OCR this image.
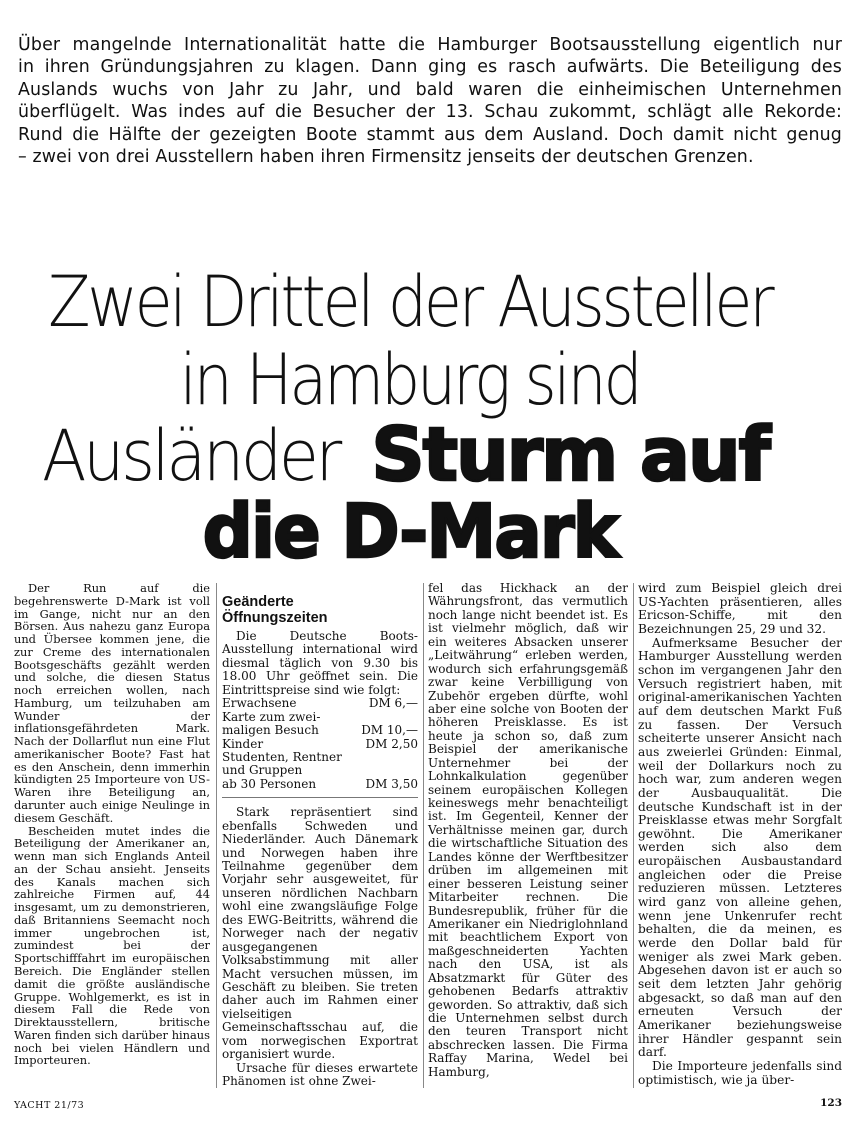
Über mangelnde Internationalität hatte die Hamburger Bootsausstellung eigentlich nur
in ihren Gründungsjahren zu klagen. Dann ging es rasch aufwärts. Die Beteiligung des
Auslands wuchs von Jahr zu Jahr, und bald waren die einheimischen Unternehmen
überflügelt. Was indes auf die Besucher der 13. Schau zukommt, schlägt alle Rekorde:
Rund die Hälfte der gezeigten Boote stammt aus dem Ausland. Doch damit nicht genug
– zwei von drei Ausstellern haben ihren Firmensitz jenseits der deutschen Grenzen.
Zwei Drittel der Aussteller
in Hamburg sind
Ausländer Sturm auf
die D-Mark

Der Run auf die begehrenswerte D-Mark ist voll im Gange, nicht nur an den Börsen. Aus nahezu ganz Europa und Übersee kommen jene, die zur Creme des internationalen Bootsgeschäfts gezählt werden und solche, die diesen Status noch erreichen wollen, nach Hamburg, um teilzuhaben am Wunder der inflationsgefährdeten Mark. Nach der Dollarflut nun eine Flut amerikanischer Boote? Fast hat es den Anschein, denn immerhin kündigten 25 Importeure von US-Waren ihre Beteiligung an, darunter auch einige Neulinge in diesem Geschäft.

Bescheiden mutet indes die Beteiligung der Amerikaner an, wenn man sich Englands Anteil an der Schau ansieht. Jenseits des Kanals machen sich zahlreiche Firmen auf, 44 insgesamt, um zu demonstrieren, daß Britanniens Seemacht noch immer ungebrochen ist, zumindest bei der Sportschifffahrt im europäischen Bereich. Die Engländer stellen damit die größte ausländische Gruppe. Wohlgemerkt, es ist in diesem Fall die Rede von Direktausstellern, britische Waren finden sich darüber hinaus noch bei vielen Händlern und Importeuren.

Geänderte
Öffnungszeiten

Die Deutsche Boots-Ausstellung international wird diesmal täglich von 9.30 bis 18.00 Uhr geöffnet sein. Die Eintrittspreise sind wie folgt:

Erwachsene	DM 6,—
Karte zum zwei-
maligen Besuch	DM 10,—
Kinder	DM 2,50
Studenten, Rentner
und Gruppen
ab 30 Personen	DM 3,50

Stark repräsentiert sind ebenfalls Schweden und Niederländer. Auch Dänemark und Norwegen haben ihre Teilnahme gegenüber dem Vorjahr sehr ausgeweitet, für unseren nördlichen Nachbarn wohl eine zwangsläufige Folge des EWG-Beitritts, während die Norweger nach der negativ ausgegangenen Volksabstimmung mit aller Macht versuchen müssen, im Geschäft zu bleiben. Sie treten daher auch im Rahmen einer vielseitigen Gemeinschaftsschau auf, die vom norwegischen Exportrat organisiert wurde.

Ursache für dieses erwartete Phänomen ist ohne Zwei-

fel das Hickhack an der Währungsfront, das vermutlich noch lange nicht beendet ist. Es ist vielmehr möglich, daß wir ein weiteres Absacken unserer „Leitwährung“ erleben werden, wodurch sich erfahrungsgemäß zwar keine Verbilligung von Zubehör ergeben dürfte, wohl aber eine solche von Booten der höheren Preisklasse. Es ist heute ja schon so, daß zum Beispiel der amerikanische Unternehmer bei der Lohnkalkulation gegenüber seinem europäischen Kollegen keineswegs mehr benachteiligt ist. Im Gegenteil, Kenner der Verhältnisse meinen gar, durch die wirtschaftliche Situation des Landes könne der Werftbesitzer drüben im allgemeinen mit einer besseren Leistung seiner Mitarbeiter rechnen. Die Bundesrepublik, früher für die Amerikaner ein Niedriglohnland mit beachtlichem Export von maßgeschneiderten Yachten nach den USA, ist als Absatzmarkt für Güter des gehobenen Bedarfs attraktiv geworden. So attraktiv, daß sich die Unternehmen selbst durch den teuren Transport nicht abschrecken lassen. Die Firma Raffay Marina, Wedel bei Hamburg,

wird zum Beispiel gleich drei US-Yachten präsentieren, alles Ericson-Schiffe, mit den Bezeichnungen 25, 29 und 32.

Aufmerksame Besucher der Hamburger Ausstellung werden schon im vergangenen Jahr den Versuch registriert haben, mit original-amerikanischen Yachten auf dem deutschen Markt Fuß zu fassen. Der Versuch scheiterte unserer Ansicht nach aus zweierlei Gründen: Einmal, weil der Dollarkurs noch zu hoch war, zum anderen wegen der Ausbauqualität. Die deutsche Kundschaft ist in der Preisklasse etwas mehr Sorgfalt gewöhnt. Die Amerikaner werden sich also dem europäischen Ausbaustandard angleichen oder die Preise reduzieren müssen. Letzteres wird ganz von alleine gehen, wenn jene Unkenrufer recht behalten, die da meinen, es werde den Dollar bald für weniger als zwei Mark geben. Abgesehen davon ist er auch so seit dem letzten Jahr gehörig abgesackt, so daß man auf den erneuten Versuch der Amerikaner beziehungsweise ihrer Händler gespannt sein darf.

Die Importeure jedenfalls sind optimistisch, wie ja über-

YACHT 21/73	123
